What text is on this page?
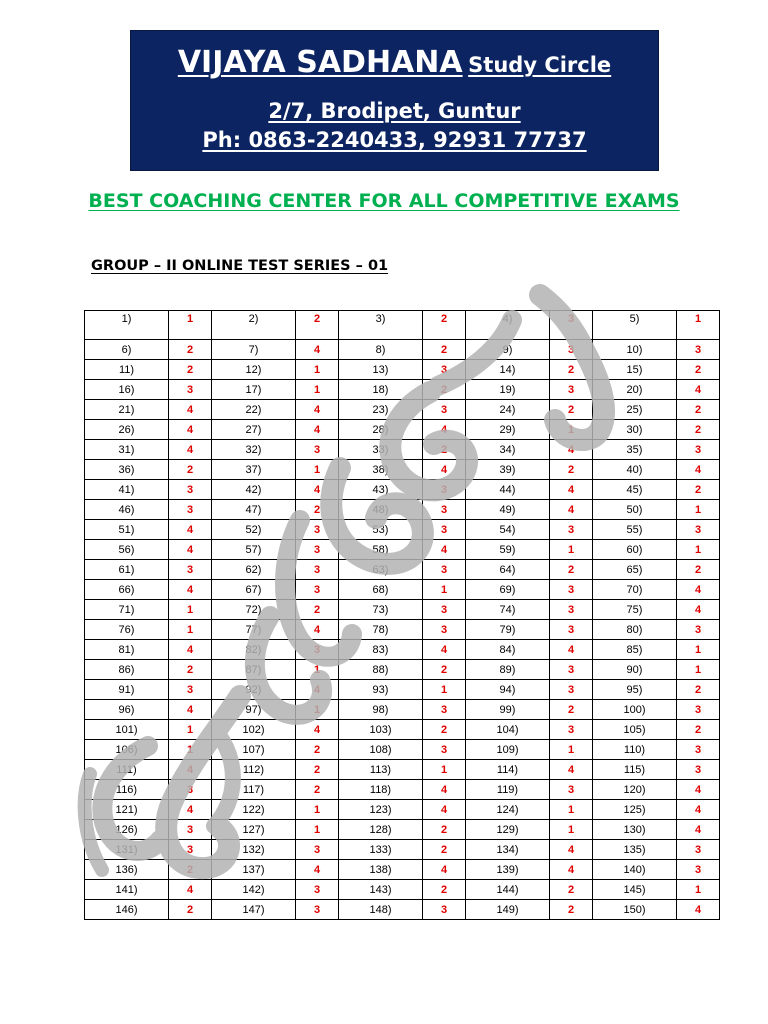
VIJAYA SADHANA Study Circle
2/7, Brodipet, Guntur
Ph: 0863-2240433, 92931 77737
BEST COACHING CENTER FOR ALL COMPETITIVE EXAMS
GROUP – II ONLINE TEST SERIES – 01
1)	1	2)	2	3)	2	4)	3	5)	1
6)	2	7)	4	8)	2	9)	3	10)	3
11)	2	12)	1	13)	3	14)	2	15)	2
16)	3	17)	1	18)	2	19)	3	20)	4
21)	4	22)	4	23)	3	24)	2	25)	2
26)	4	27)	4	28)	4	29)	1	30)	2
31)	4	32)	3	33)	2	34)	4	35)	3
36)	2	37)	1	38)	4	39)	2	40)	4
41)	3	42)	4	43)	3	44)	4	45)	2
46)	3	47)	2	48)	3	49)	4	50)	1
51)	4	52)	3	53)	3	54)	3	55)	3
56)	4	57)	3	58)	4	59)	1	60)	1
61)	3	62)	3	63)	3	64)	2	65)	2
66)	4	67)	3	68)	1	69)	3	70)	4
71)	1	72)	2	73)	3	74)	3	75)	4
76)	1	77)	4	78)	3	79)	3	80)	3
81)	4	82)	3	83)	4	84)	4	85)	1
86)	2	87)	1	88)	2	89)	3	90)	1
91)	3	92)	4	93)	1	94)	3	95)	2
96)	4	97)	1	98)	3	99)	2	100)	3
101)	1	102)	4	103)	2	104)	3	105)	2
106)	1	107)	2	108)	3	109)	1	110)	3
111)	4	112)	2	113)	1	114)	4	115)	3
116)	3	117)	2	118)	4	119)	3	120)	4
121)	4	122)	1	123)	4	124)	1	125)	4
126)	3	127)	1	128)	2	129)	1	130)	4
131)	3	132)	3	133)	2	134)	4	135)	3
136)	2	137)	4	138)	4	139)	4	140)	3
141)	4	142)	3	143)	2	144)	2	145)	1
146)	2	147)	3	148)	3	149)	2	150)	4
